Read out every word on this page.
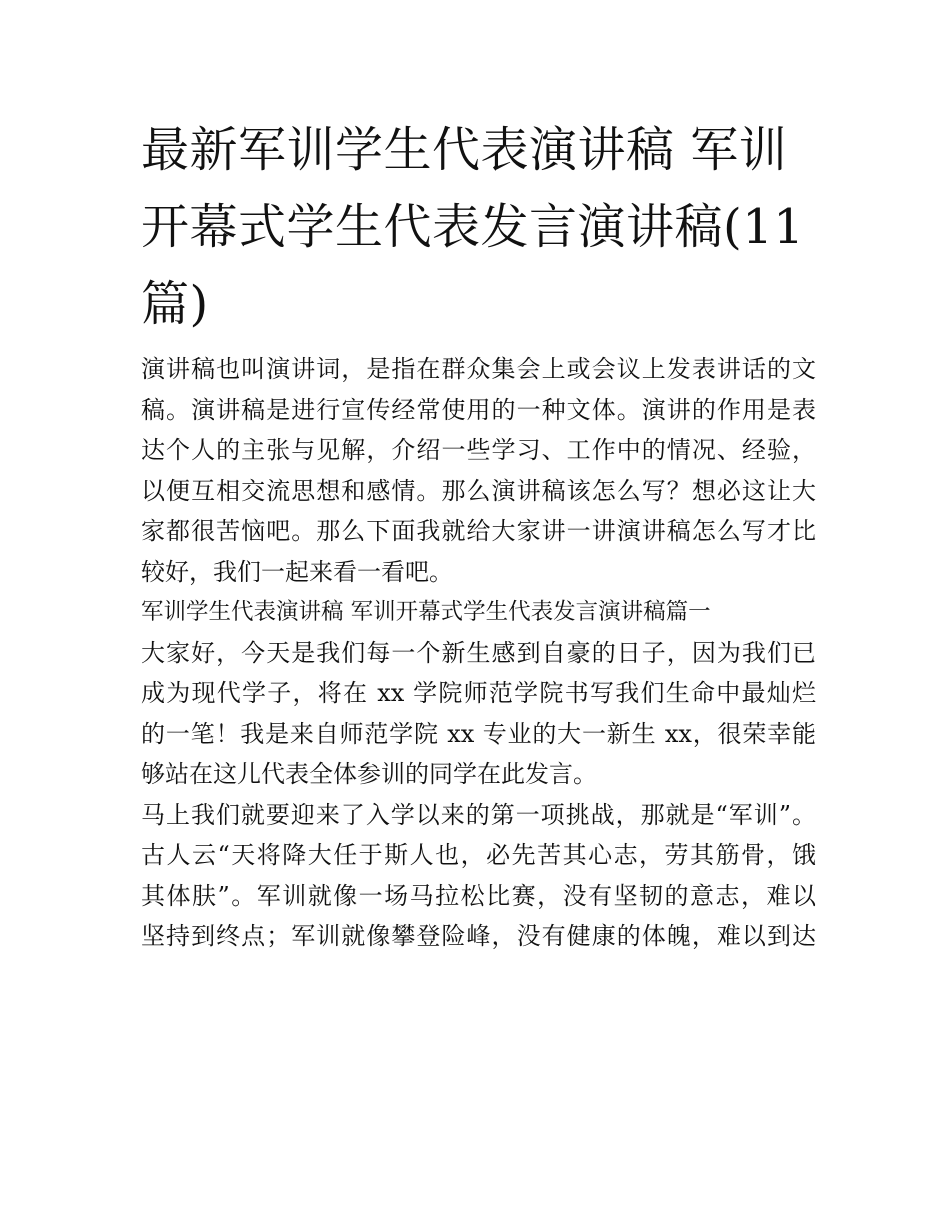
最新军训学生代表演讲稿 军训
开幕式学生代表发言演讲稿(11
篇)

演讲稿也叫演讲词，是指在群众集会上或会议上发表讲话的文
稿。演讲稿是进行宣传经常使用的一种文体。演讲的作用是表
达个人的主张与见解，介绍一些学习、工作中的情况、经验，
以便互相交流思想和感情。那么演讲稿该怎么写？想必这让大
家都很苦恼吧。那么下面我就给大家讲一讲演讲稿怎么写才比
较好，我们一起来看一看吧。

军训学生代表演讲稿 军训开幕式学生代表发言演讲稿篇一

大家好，今天是我们每一个新生感到自豪的日子，因为我们已
成为现代学子，将在 xx 学院师范学院书写我们生命中最灿烂
的一笔！我是来自师范学院 xx 专业的大一新生 xx，很荣幸能
够站在这儿代表全体参训的同学在此发言。

马上我们就要迎来了入学以来的第一项挑战，那就是“军训”。
古人云“天将降大任于斯人也，必先苦其心志，劳其筋骨，饿
其体肤”。军训就像一场马拉松比赛，没有坚韧的意志，难以
坚持到终点；军训就像攀登险峰，没有健康的体魄，难以到达
